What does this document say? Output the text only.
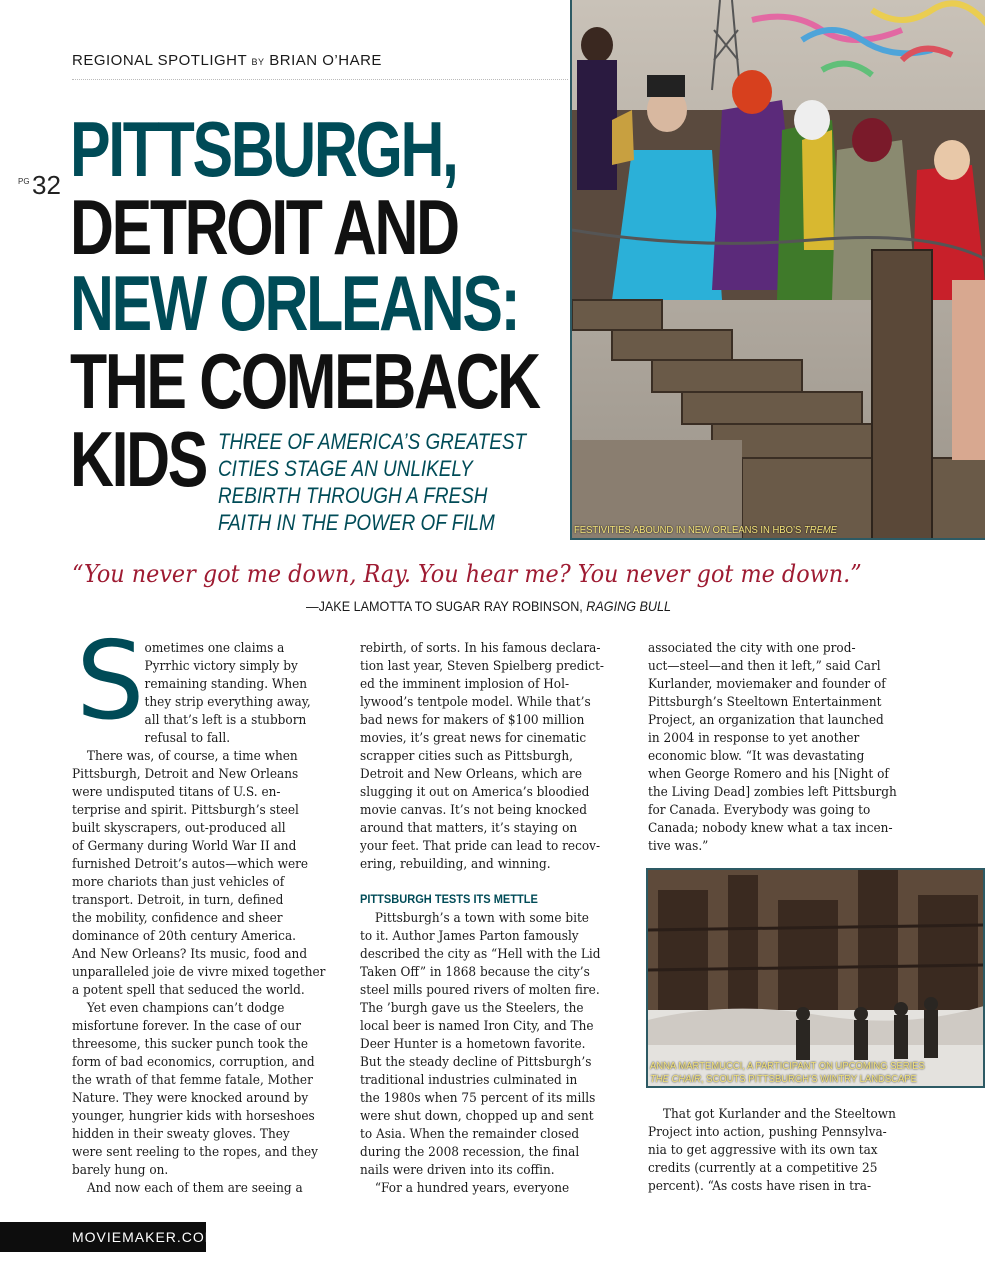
REGIONAL SPOTLIGHT BY BRIAN O’HARE
PG 32 PITTSBURGH,
DETROIT AND
NEW ORLEANS:
THE COMEBACK
KIDS THREE OF AMERICA’S GREATEST CITIES STAGE AN UNLIKELY REBIRTH THROUGH A FRESH FAITH IN THE POWER OF FILM	FESTIVITIES ABOUND IN NEW ORLEANS IN HBO’S TREME
“You never got me down, Ray. You hear me? You never got me down.”
—JAKE LAMOTTA TO SUGAR RAY ROBINSON, RAGING BULL
S ometimes one claims a
Pyrrhic victory simply by
remaining standing. When
they strip everything away,
all that’s left is a stubborn
refusal to fall.
There was, of course, a time when
Pittsburgh, Detroit and New Orleans
were undisputed titans of U.S. en-
terprise and spirit. Pittsburgh’s steel
built skyscrapers, out-produced all
of Germany during World War II and
furnished Detroit’s autos—which were
more chariots than just vehicles of
transport. Detroit, in turn, defined
the mobility, confidence and sheer
dominance of 20th century America.
And New Orleans? Its music, food and
unparalleled joie de vivre mixed together
a potent spell that seduced the world.
Yet even champions can’t dodge
misfortune forever. In the case of our
threesome, this sucker punch took the
form of bad economics, corruption, and
the wrath of that femme fatale, Mother
Nature. They were knocked around by
younger, hungrier kids with horseshoes
hidden in their sweaty gloves. They
were sent reeling to the ropes, and they
barely hung on.
And now each of them are seeing a
rebirth, of sorts. In his famous declara-
tion last year, Steven Spielberg predict-
ed the imminent implosion of Hol-
lywood’s tentpole model. While that’s
bad news for makers of $100 million
movies, it’s great news for cinematic
scrapper cities such as Pittsburgh,
Detroit and New Orleans, which are
slugging it out on America’s bloodied
movie canvas. It’s not being knocked
around that matters, it’s staying on
your feet. That pride can lead to recov-
ering, rebuilding, and winning.
PITTSBURGH TESTS ITS METTLE
Pittsburgh’s a town with some bite
to it. Author James Parton famously
described the city as “Hell with the Lid
Taken Off” in 1868 because the city’s
steel mills poured rivers of molten fire.
The ’burgh gave us the Steelers, the
local beer is named Iron City, and The
Deer Hunter is a hometown favorite.
But the steady decline of Pittsburgh’s
traditional industries culminated in
the 1980s when 75 percent of its mills
were shut down, chopped up and sent
to Asia. When the remainder closed
during the 2008 recession, the final
nails were driven into its coffin.
“For a hundred years, everyone
associated the city with one prod-
uct—steel—and then it left,” said Carl
Kurlander, moviemaker and founder of
Pittsburgh’s Steeltown Entertainment
Project, an organization that launched
in 2004 in response to yet another
economic blow. “It was devastating
when George Romero and his [Night of
the Living Dead] zombies left Pittsburgh
for Canada. Everybody was going to
Canada; nobody knew what a tax incen-
tive was.”
ANNA MARTEMUCCI, A PARTICIPANT ON UPCOMING SERIES
THE CHAIR, SCOUTS PITTSBURGH’S WINTRY LANDSCAPE
That got Kurlander and the Steeltown
Project into action, pushing Pennsylva-
nia to get aggressive with its own tax
credits (currently at a competitive 25
percent). “As costs have risen in tra-
MOVIEMAKER.COM
